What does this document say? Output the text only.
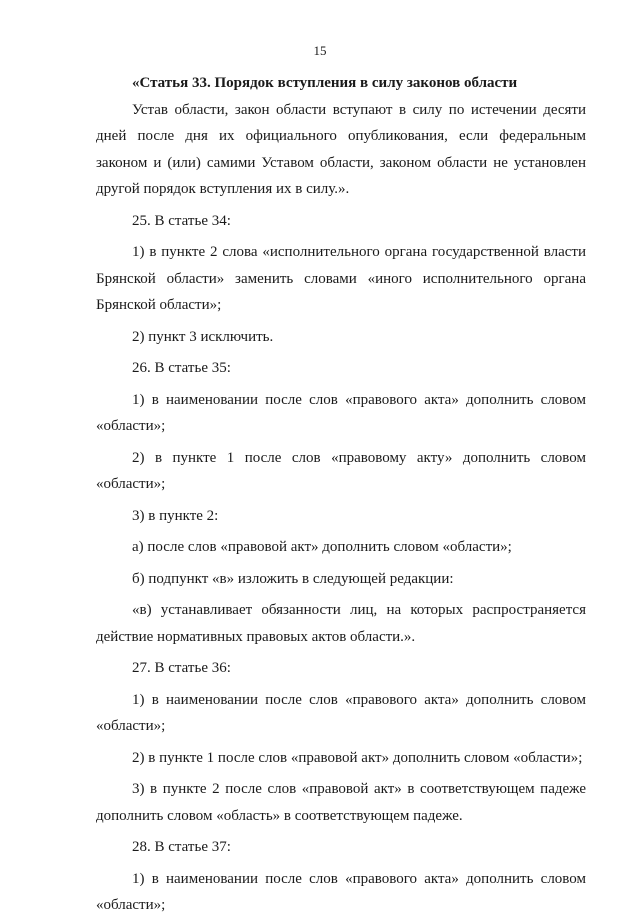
15

«Статья 33. Порядок вступления в силу законов области

Устав области, закон области вступают в силу по истечении десяти дней после дня их официального опубликования, если федеральным законом и (или) самими Уставом области, законом области не установлен другой порядок вступления их в силу.».

25. В статье 34:

1) в пункте 2 слова «исполнительного органа государственной власти Брянской области» заменить словами «иного исполнительного органа Брянской области»;

2) пункт 3 исключить.

26. В статье 35:

1) в наименовании после слов «правового акта» дополнить словом «области»;

2) в пункте 1 после слов «правовому акту» дополнить словом «области»;

3) в пункте 2:

а) после слов «правовой акт» дополнить словом «области»;

б) подпункт «в» изложить в следующей редакции:

«в) устанавливает обязанности лиц, на которых распространяется действие нормативных правовых актов области.».

27. В статье 36:

1) в наименовании после слов «правового акта» дополнить словом «области»;

2) в пункте 1 после слов «правовой акт» дополнить словом «области»;

3) в пункте 2 после слов «правовой акт» в соответствующем падеже дополнить словом «область» в соответствующем падеже.

28. В статье 37:

1) в наименовании после слов «правового акта» дополнить словом «области»;
